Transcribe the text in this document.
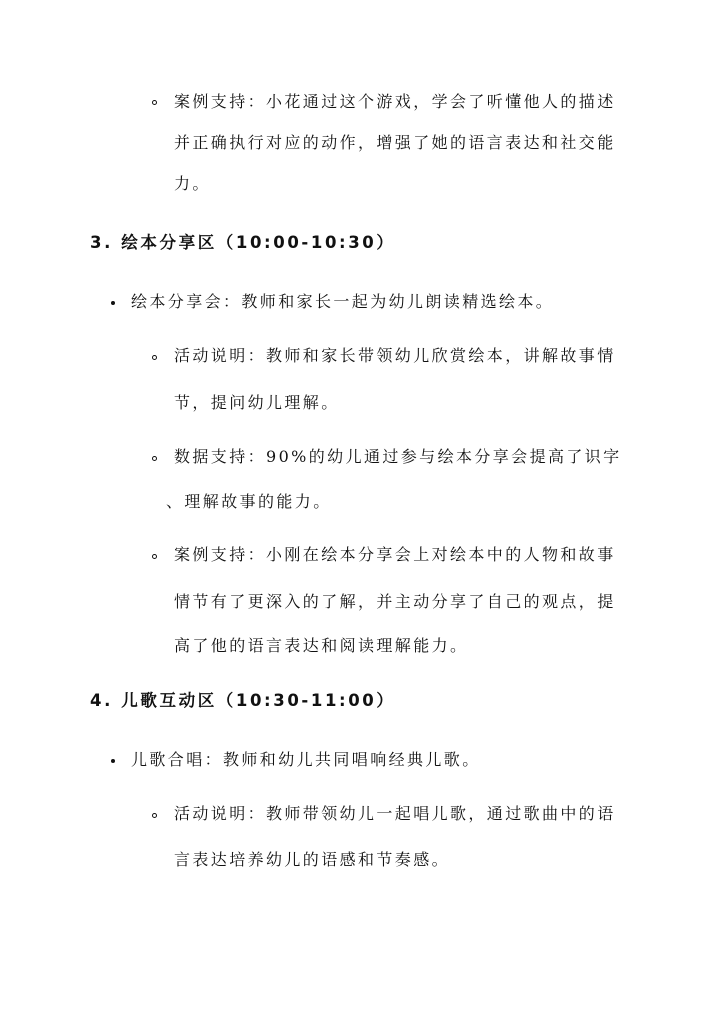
案例支持：小花通过这个游戏，学会了听懂他人的描述
并正确执行对应的动作，增强了她的语言表达和社交能
力。
3. 绘本分享区（10:00-10:30）
绘本分享会：教师和家长一起为幼儿朗读精选绘本。
活动说明：教师和家长带领幼儿欣赏绘本，讲解故事情
节，提问幼儿理解。
数据支持：90%的幼儿通过参与绘本分享会提高了识字
、理解故事的能力。
案例支持：小刚在绘本分享会上对绘本中的人物和故事
情节有了更深入的了解，并主动分享了自己的观点，提
高了他的语言表达和阅读理解能力。
4. 儿歌互动区（10:30-11:00）
儿歌合唱：教师和幼儿共同唱响经典儿歌。
活动说明：教师带领幼儿一起唱儿歌，通过歌曲中的语
言表达培养幼儿的语感和节奏感。
